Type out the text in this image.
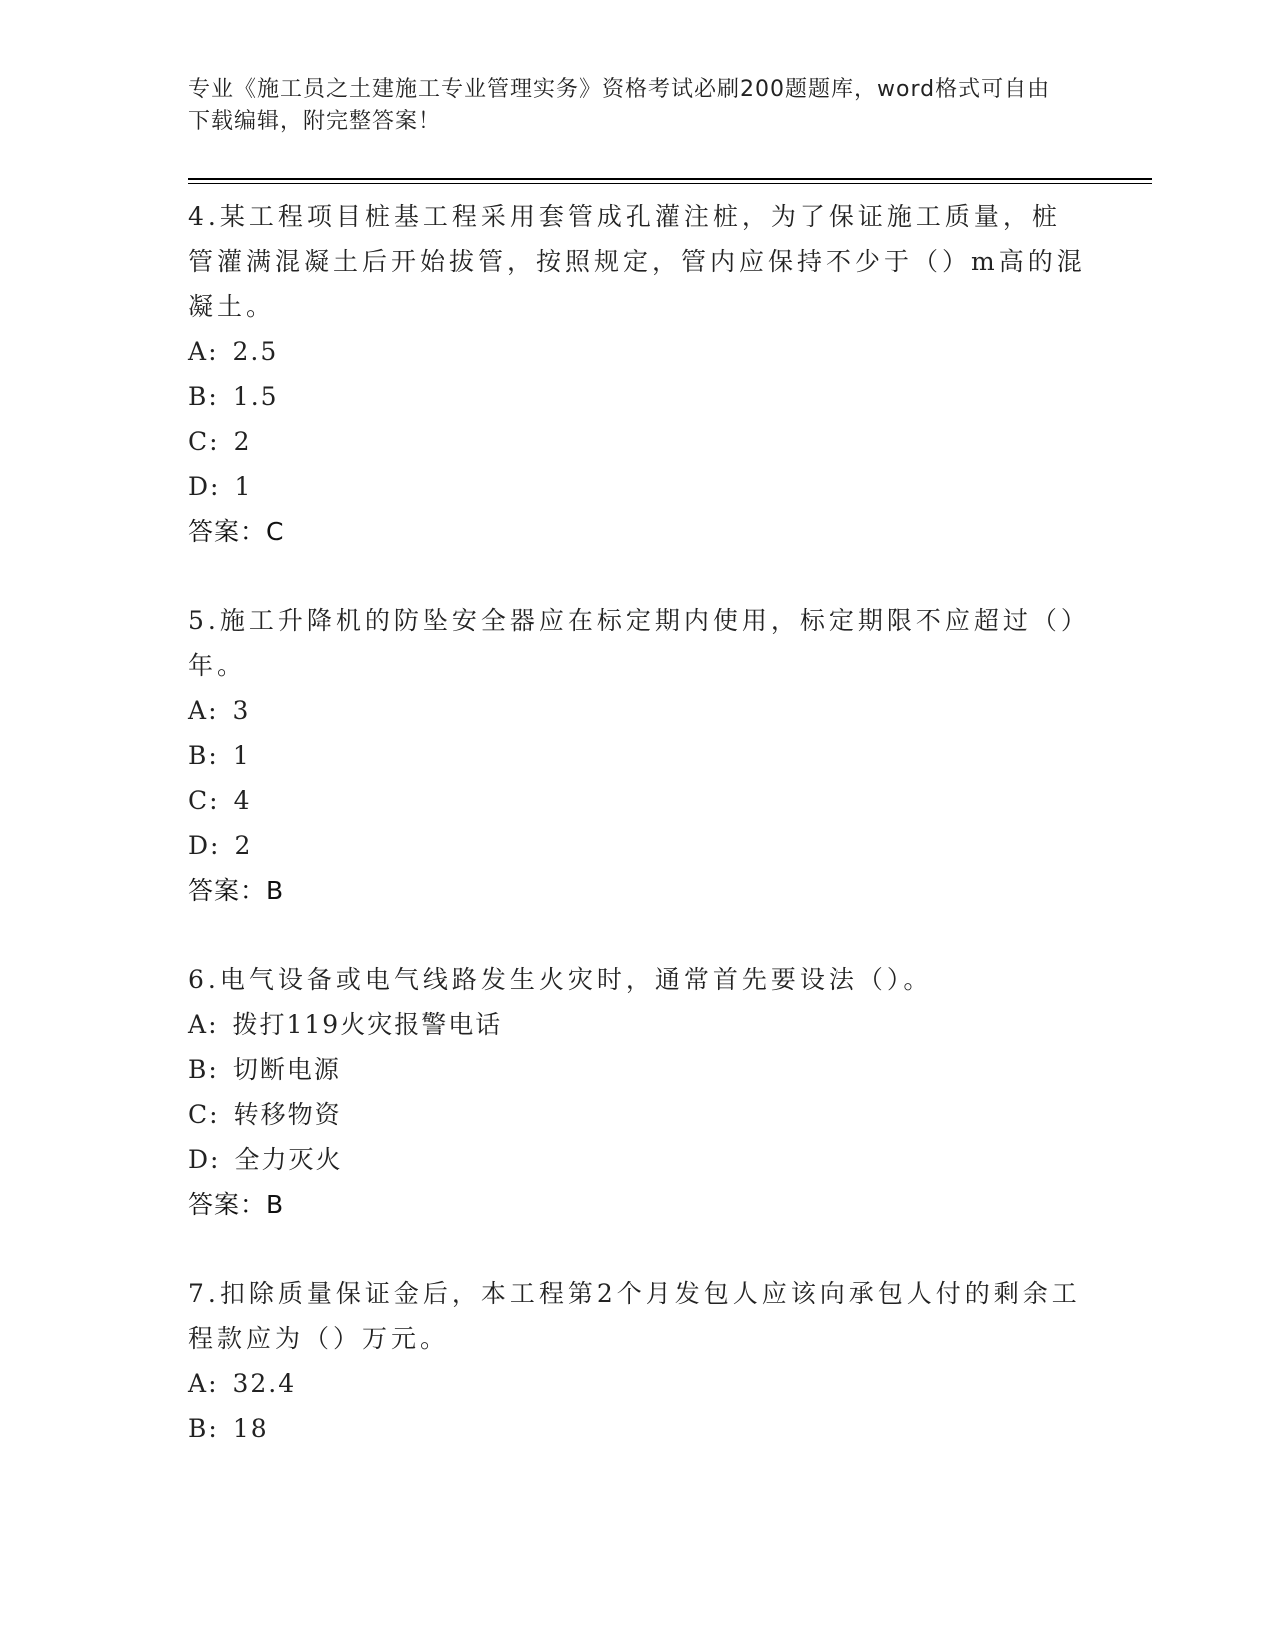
专业《施工员之土建施工专业管理实务》资格考试必刷200题题库，word格式可自由下载编辑，附完整答案！

4.某工程项目桩基工程采用套管成孔灌注桩，为了保证施工质量，桩管灌满混凝土后开始拔管，按照规定，管内应保持不少于（）m高的混凝土。

A: 2.5

B: 1.5

C: 2

D: 1

答案：C

5.施工升降机的防坠安全器应在标定期内使用，标定期限不应超过（）年。

A: 3

B: 1

C: 4

D: 2

答案：B

6.电气设备或电气线路发生火灾时，通常首先要设法（）。

A: 拨打119火灾报警电话

B: 切断电源

C: 转移物资

D: 全力灭火

答案：B

7.扣除质量保证金后，本工程第2个月发包人应该向承包人付的剩余工程款应为（）万元。

A: 32.4

B: 18
